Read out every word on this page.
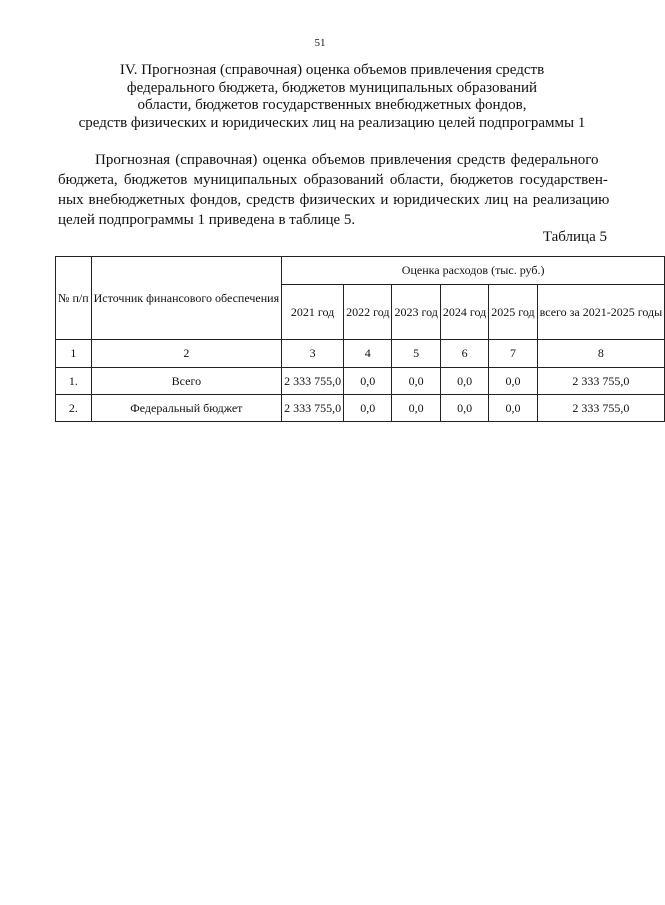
51
IV. Прогнозная (справочная) оценка объемов привлечения средств
федерального бюджета, бюджетов муниципальных образований
области, бюджетов государственных внебюджетных фондов,
средств физических и юридических лиц на реализацию целей подпрограммы 1
Прогнозная (справочная) оценка объемов привлечения средств федерального
бюджета, бюджетов муниципальных образований области, бюджетов государствен-
ных внебюджетных фондов, средств физических и юридических лиц на реализацию
целей подпрограммы 1 приведена в таблице 5.
Таблица 5
№ п/п	Источник финансового обеспечения	Оценка расходов (тыс. руб.)					
		2021 год	2022 год	2023 год	2024 год	2025 год	всего за 2021-2025 годы
1	2	3	4	5	6	7	8
1.	Всего	2 333 755,0	0,0	0,0	0,0	0,0	2 333 755,0
2.	Федеральный бюджет	2 333 755,0	0,0	0,0	0,0	0,0	2 333 755,0
